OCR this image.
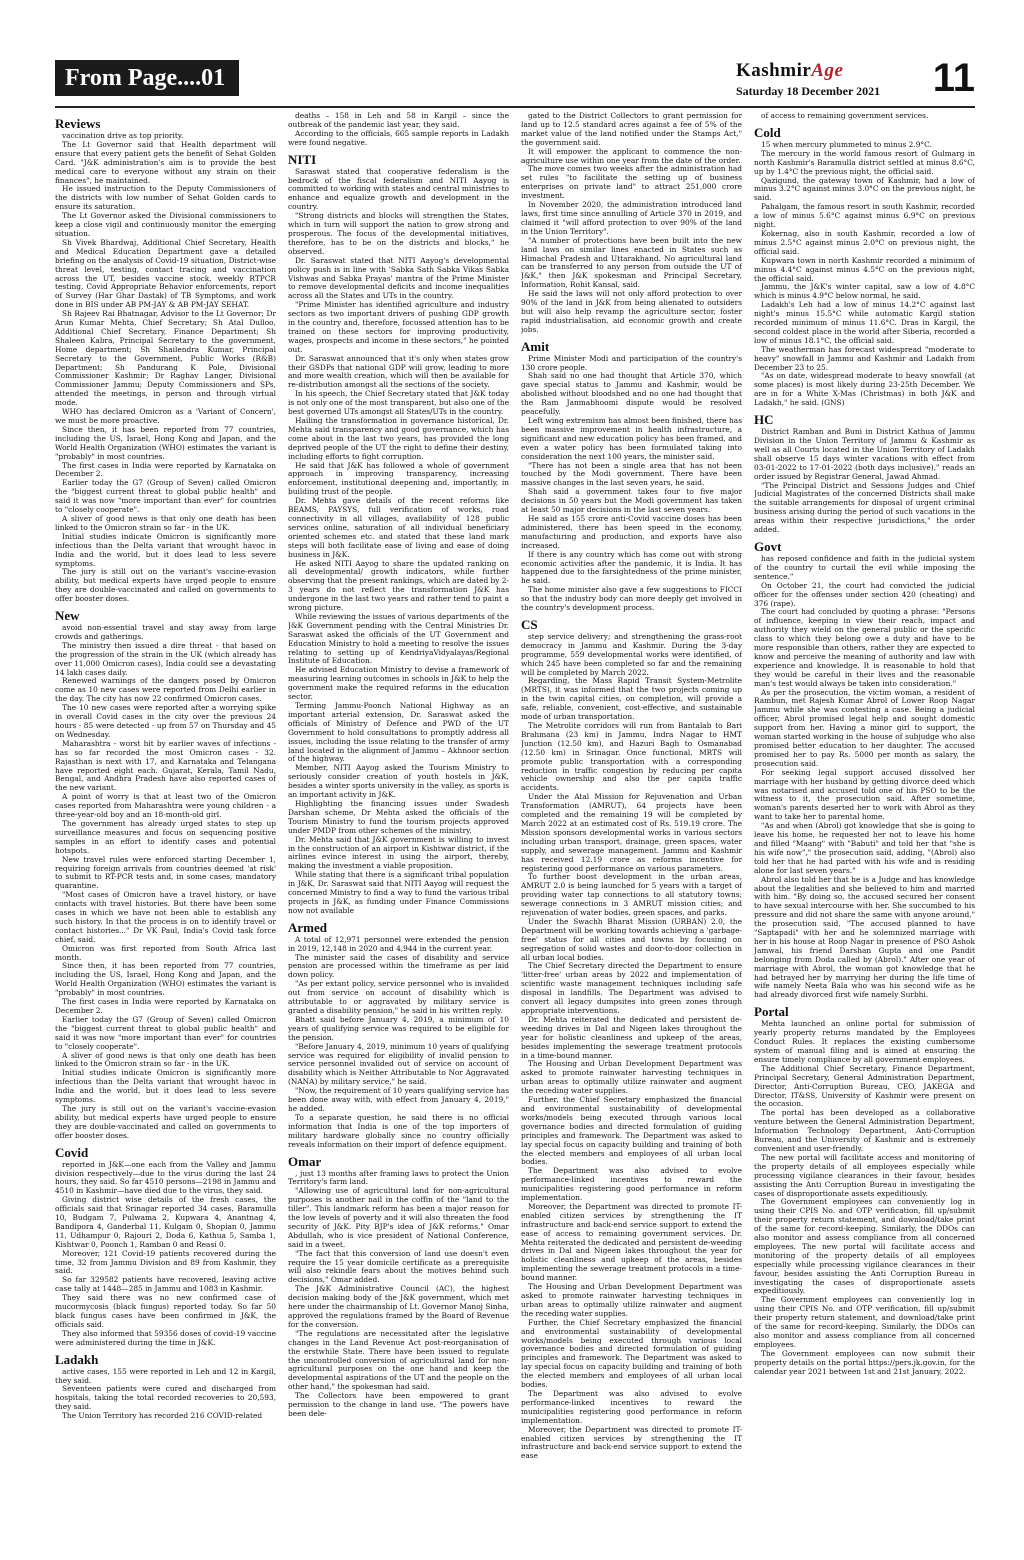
From Page....01	KashmirAge
Saturday 18 December 2021 11
Reviews

vaccination drive as top priority.

The Lt Governor said that Health department will ensure that every patient gets the benefit of Sehat Golden Card. "J&K administration's aim is to provide the best medical care to everyone without any strain on their finances", he maintained.

He issued instruction to the Deputy Commissioners of the districts with low number of Sehat Golden cards to ensure its saturation.

The Lt Governor asked the Divisional commissioners to keep a close vigil and continuously monitor the emerging situation.

Sh Vivek Bhardwaj, Additional Chief Secretary, Health and Medical Education Department gave a detailed briefing on the analysis of Covid-19 situation, District-wise threat level, testing, contact tracing and vaccination across the UT, besides vaccine stock, weekly RTPCR testing, Covid Appropriate Behavior enforcements, report of Survey (Har Ghar Dastak) of TB Symptoms, and work done in BIS under AB PM-JAY & AB PM-JAY SEHAT.

Sh Rajeev Rai Bhatnagar, Advisor to the Lt Governor; Dr Arun Kumar Mehta, Chief Secretary; Sh Atal Dulloo, Additional Chief Secretary, Finance Department; Sh Shaleen Kabra, Principal Secretary to the government, Home department; Sh Shailendra Kumar, Principal Secretary to the Government, Public Works (R&B) Department; Sh Pandurang K Pole, Divisional Commissioner Kashmir; Dr Raghav Langer, Divisional Commissioner Jammu; Deputy Commissioners and SPs, attended the meetings, in person and through virtual mode.

WHO has declared Omicron as a 'Variant of Concern', we must be more proactive.

Since then, it has been reported from 77 countries, including the US, Israel, Hong Kong and Japan, and the World Health Organization (WHO) estimates the variant is "probably" in most countries.

The first cases in India were reported by Karnataka on December 2.

Earlier today the G7 (Group of Seven) called Omicron the "biggest current threat to global public health" and said it was now "more important than ever" for countries to "closely cooperate".

A sliver of good news is that only one death has been linked to the Omicron strain so far - in the UK.

Initial studies indicate Omicron is significantly more infectious than the Delta variant that wrought havoc in India and the world, but it does lead to less severe symptoms.

The jury is still out on the variant's vaccine-evasion ability, but medical experts have urged people to ensure they are double-vaccinated and called on governments to offer booster doses.

New

avoid non-essential travel and stay away from large crowds and gatherings.

The ministry then issued a dire threat - that based on the progression of the strain in the UK (which already has over 11,000 Omicron cases), India could see a devastating 14 lakh cases daily.

Renewed warnings of the dangers posed by Omicron come as 10 new cases were reported from Delhi earlier in the day. The city has now 22 confirmed Omicron cases.

The 10 new cases were reported after a worrying spike in overall Covid cases in the city over the previous 24 hours - 85 were detected - up from 57 on Thursday and 45 on Wednesday.

Maharashtra - worst hit by earlier waves of infections - has so far recorded the most Omicron cases - 32. Rajasthan is next with 17, and Karnataka and Telangana have reported eight each. Gujarat, Kerala, Tamil Nadu, Bengal, and Andhra Pradesh have also reported cases of the new variant.

A point of worry is that at least two of the Omicron cases reported from Maharashtra were young children - a three-year-old boy and an 18-month-old girl.

The government has already urged states to step up surveillance measures and focus on sequencing positive samples in an effort to identify cases and potential hotspots.

New travel rules were enforced starting December 1, requiring foreign arrivals from countries deemed 'at risk' to submit to RT-PCR tests and, in some cases, mandatory quarantine.

"Most cases of Omicron have a travel history, or have contacts with travel histories. But there have been some cases in which we have not been able to establish any such history. In that the process is on to identify travel or contact histories..." Dr VK Paul, India's Covid task force chief, said.

Omicron was first reported from South Africa last month.

Since then, it has been reported from 77 countries, including the US, Israel, Hong Kong and Japan, and the World Health Organization (WHO) estimates the variant is "probably" in most countries.

The first cases in India were reported by Karnataka on December 2.

Earlier today the G7 (Group of Seven) called Omicron the "biggest current threat to global public health" and said it was now "more important than ever" for countries to "closely cooperate".

A sliver of good news is that only one death has been linked to the Omicron strain so far - in the UK.

Initial studies indicate Omicron is significantly more infectious than the Delta variant that wrought havoc in India and the world, but it does lead to less severe symptoms.

The jury is still out on the variant's vaccine-evasion ability, but medical experts have urged people to ensure they are double-vaccinated and called on governments to offer booster doses.

Covid

reported in J&K—one each from the Valley and Jammu division respectively—due to the virus during the last 24 hours, they said. So far 4510 persons—2198 in Jammu and 4510 in Kashmir—have died due to the virus, they said.

Giving district wise details of the fresh cases, the officials said that Srinagar reported 34 cases, Baramulla 10, Budgam 7, Pulwama 2, Kupwara 4, Anantnag 4, Bandipora 4, Ganderbal 11, Kulgam 0, Shopian 0, Jammu 11, Udhampur 0, Rajouri 2, Doda 6, Kathua 5, Samba 1, Kishtwar 0, Poonch 1, Ramban 0 and Reasi 0.

Moreover, 121 Covid-19 patients recovered during the time, 32 from Jammu Division and 89 from Kashmir, they said.

So far 329582 patients have recovered, leaving active case tally at 1448—285 in Jammu and 1083 in Kashmir.

They said there was no new confirmed case of mucormycosis (black fungus) reported today. So far 50 black fungus cases have been confirmed in J&K, the officials said.

They also informed that 59356 doses of covid-19 vaccine were administered during the time in J&K.

Ladakh

active cases, 155 were reported in Leh and 12 in Kargil, they said.

Seventeen patients were cured and discharged from hospitals, taking the total recorded recoveries to 20,593, they said.

The Union Territory has recorded 216 COVID-related

deaths – 158 in Leh and 58 in Kargil – since the outbreak of the pandemic last year, they said.

According to the officials, 665 sample reports in Ladakh were found negative.

NITI

Saraswat stated that cooperative federalism is the bedrock of the fiscal federalism and NITI Aayog is committed to working with states and central ministries to enhance and equalize growth and development in the country.

"Strong districts and blocks will strengthen the States, which in turn will support the nation to grow strong and prosperous. The focus of the developmental initiatives, therefore, has to be on the districts and blocks," he observed.

Dr. Saraswat stated that NITI Aayog's developmental policy push is in line with 'Sabka Sath Sabka Vikas Sabka Vishwas and Sabka Prayas' mantra of the Prime Minister to remove developmental deficits and income inequalities across all the States and UTs in the country.

"Prime Minister has identified agriculture and industry sectors as two important drivers of pushing GDP growth in the country and, therefore, focussed attention has to be trained on these sectors for improving productivity, wages, prospects and income in these sectors," he pointed out.

Dr. Saraswat announced that it's only when states grow their GSDPs that national GDP will grow, leading to more and more wealth creation, which will then be available for re-distribution amongst all the sections of the society.

In his speech, the Chief Secretary stated that J&K today is not only one of the most transparent, but also one of the best governed UTs amongst all States/UTs in the country.

Hailing the transformation in governance historical, Dr. Mehta said transparency and good governance, which has come about in the last two years, has provided the long deprived people of the UT the right to define their destiny, including efforts to fight corruption.

He said that J&K has followed a whole of government approach in improving transparency, increasing enforcement, institutional deepening and, importantly, in building trust of the people.

Dr. Mehta gave details of the recent reforms like BEAMS, PAYSYS, full verification of works, road connectivity in all villages, availability of 128 public services online, saturation of all individual beneficiary oriented schemes etc. and stated that these land mark steps will both facilitate ease of living and ease of doing business in J&K.

He asked NITI Aayog to share the updated ranking on all developmental/ growth indicators, while further observing that the present rankings, which are dated by 2-3 years do not reflect the transformation J&K has undergone in the last two years and rather tend to paint a wrong picture.

While reviewing the issues of various departments of the J&K Government pending with the Central Ministries Dr. Saraswat asked the officials of the UT Government and Education Ministry to hold a meeting to resolve the issues relating to setting up of KendriyaVidyalayas/Regional Institute of Education.

He advised Education Ministry to devise a framework of measuring learning outcomes in schools in J&K to help the government make the required reforms in the education sector.

Terming Jammu-Poonch National Highway as an important arterial extension, Dr. Saraswat asked the officials of Ministry of Defence and PWD of the UT Government to hold consultations to promptly address all issues, including the issue relating to the transfer of army land located in the alignment of Jammu – Akhnoor section of the highway.

Member, NITI Aayog asked the Tourism Ministry to seriously consider creation of youth hostels in J&K, besides a winter sports university in the valley, as sports is an important activity in J&K.

Highlighting the financing issues under Swadesh Darshan scheme, Dr Mehta asked the officials of the Tourism Ministry to fund the tourism projects approved under PMDP from other schemes of the ministry.

Dr. Mehta said that J&K government is willing to invest in the construction of an airport in Kishtwar district, if the airlines evince interest in using the airport, thereby, making the investment a viable proposition.

While stating that there is a significant tribal population in J&K, Dr. Saraswat said that NITI Aayog will request the concerned Ministry to find a way to fund the various tribal projects in J&K, as funding under Finance Commissions now not available

Armed

A total of 12,971 personnel were extended the pension in 2019, 12,148 in 2020 and 4,944 in the current year.

The minister said the cases of disability and service pension are processed within the timeframe as per laid down policy.

"As per extant policy, service personnel who is invalided out from service on account of disability which is attributable to or aggravated by military service is granted a disability pension," he said in his written reply.

Bhatt said before January 4, 2019, a minimum of 10 years of qualifying service was required to be eligible for the pension.

"Before January 4, 2019, minimum 10 years of qualifying service was required for eligibility of invalid pension to service personnel invalided out of service on account of disability which is Neither Attributable to Nor Aggravated (NANA) by military service," he said.

"Now, the requirement of 10 years qualifying service has been done away with, with effect from January 4, 2019," he added.

To a separate question, he said there is no official information that India is one of the top importers of military hardware globally since no country officially reveals information on their import of defence equipment.

Omar

, just 13 months after framing laws to protect the Union Territory's farm land.

"Allowing use of agricultural land for non-agricultural purposes is another nail in the coffin of the "land to the tiller". This landmark reform has been a major reason for the low levels of poverty and it will also threaten the food security of J&K. Pity BJP's idea of J&K reforms," Omar Abdullah, who is vice president of National Conference, said in a tweet.

"The fact that this conversion of land use doesn't even require the 15 year domicile certificate as a prerequisite will also rekindle fears about the motives behind such decisions," Omar added.

The J&K Administrative Council (AC), the highest decision making body of the J&K government, which met here under the chairmanship of Lt. Governor Manoj Sinha, approved the regulations framed by the Board of Revenue for the conversion.

"The regulations are necessitated after the legislative changes in the Land Revenue Act post-reorganisation of the erstwhile State. There have been issued to regulate the uncontrolled conversion of agricultural land for non-agricultural purposes on the one hand and keep the developmental aspirations of the UT and the people on the other hand," the spokesman had said.

The Collectors have been empowered to grant permission to the change in land use. "The powers have been dele-

gated to the District Collectors to grant permission for land up to 12.5 standard acres against a fee of 5% of the market value of the land notified under the Stamps Act," the government said.

It will empower the applicant to commence the non-agriculture use within one year from the date of the order.

The move comes two weeks after the administration had set rules "to facilitate the setting up of business enterprises on private land" to attract 251,000 crore investment.

In November 2020, the administration introduced land laws, first time since annulling of Article 370 in 2019, and claimed it "will afford protection to over 90% of the land in the Union Territory".

"A number of protections have been built into the new land laws on similar lines enacted in States such as Himachal Pradesh and Uttarakhand. No agricultural land can be transferred to any person from outside the UT of J&K," then J&K spokesman and Principal Secretary, Information, Rohit Kansal, said.

He said the laws will not only afford protection to over 90% of the land in J&K from being alienated to outsiders but will also help revamp the agriculture sector, foster rapid industrialisation, aid economic growth and create jobs.

Amit

Prime Minister Modi and participation of the country's 130 crore people.

Shah said no one had thought that Article 370, which gave special status to Jammu and Kashmir, would be abolished without bloodshed and no one had thought that the Ram Janmabhoomi dispute would be resolved peacefully.

Left wing extremism has almost been finished, there has been massive improvement in health infrastructure, a significant and new education policy has been framed, and even a water policy has been formulated taking into consideration the next 100 years, the minister said.

"There has not been a single area that has not been touched by the Modi government. There have been massive changes in the last seven years, he said.

Shah said a government takes four to five major decisions in 50 years but the Modi government has taken at least 50 major decisions in the last seven years.

He said as 155 crore anti-Covid vaccine doses has been administered, there has been speed in the economy, manufacturing and production, and exports have also increased.

If there is any country which has come out with strong economic activities after the pandemic, it is India. It has happened due to the farsightedness of the prime minister, he said.

The home minister also gave a few suggestions to FICCI so that the industry body can more deeply get involved in the country's development process.

CS

step service delivery; and strengthening the grass-root democracy in Jammu and Kashmir. During the 3-day programme, 559 developmental works were identified, of which 245 have been completed so far and the remaining will be completed by March 2022.

Regarding, the Mass Rapid Transit System-Metrolite (MRTS), it was informed that the two projects coming up in the twin capital cities, on completion, will provide a safe, reliable, convenient, cost-effective, and sustainable mode of urban transportation.

The Metrolite corridors will run from Bantalab to Bari Brahmana (23 km) in Jammu, Indra Nagar to HMT Junction (12.50 km), and Hazuri Bagh to Osmanabad (12.50 km) in Srinagar. Once functional, MRTS will promote public transportation with a corresponding reduction in traffic congestion by reducing per capita vehicle ownership and also the per capita traffic accidents.

Under the Atal Mission for Rejuvenation and Urban Transformation (AMRUT), 64 projects have been completed and the remaining 19 will be completed by March 2022 at an estimated cost of Rs. 519.19 crore. The Mission sponsors developmental works in various sectors including urban transport, drainage, green spaces, water supply, and sewerage management. Jammu and Kashmir has received 12.19 crore as reforms incentive for registering good performance on various parameters.

To further boost development in the urban areas, AMRUT 2.0 is being launched for 5 years with a target of providing water tap connections to all statutory towns; sewerage connections in 3 AMRUT mission cities; and rejuvenation of water bodies, green spaces, and parks.

Under the Swachh Bharat Mission (URBAN) 2.0, the Department will be working towards achieving a 'garbage-free' status for all cities and towns by focusing on segregation of solid wastes and door-to-door collection in all urban local bodies.

The Chief Secretary directed the Department to ensure 'litter-free' urban areas by 2022 and implementation of scientific waste management techniques including safe disposal in landfills. The Department was advised to convert all legacy dumpsites into green zones through appropriate interventions.

Dr. Mehta reiterated the dedicated and persistent de-weeding drives in Dal and Nigeen lakes throughout the year for holistic cleanliness and upkeep of the areas, besides implementing the sewerage treatment protocols in a time-bound manner.

The Housing and Urban Development Department was asked to promote rainwater harvesting techniques in urban areas to optimally utilize rainwater and augment the receding water supplies.

Further, the Chief Secretary emphasized the financial and environmental sustainability of developmental works/models being executed through various local governance bodies and directed formulation of guiding principles and framework. The Department was asked to lay special focus on capacity building and training of both the elected members and employees of all urban local bodies.

The Department was also advised to evolve performance-linked incentives to reward the municipalities registering good performance in reform implementation.

Moreover, the Department was directed to promote IT-enabled citizen services by strengthening the IT infrastructure and back-end service support to extend the ease of access to remaining government services. Dr. Mehta reiterated the dedicated and persistent de-weeding drives in Dal and Nigeen lakes throughout the year for holistic cleanliness and upkeep of the areas, besides implementing the sewerage treatment protocols in a time-bound manner.

The Housing and Urban Development Department was asked to promote rainwater harvesting techniques in urban areas to optimally utilize rainwater and augment the receding water supplies.

Further, the Chief Secretary emphasized the financial and environmental sustainability of developmental works/models being executed through various local governance bodies and directed formulation of guiding principles and framework. The Department was asked to lay special focus on capacity building and training of both the elected members and employees of all urban local bodies.

The Department was also advised to evolve performance-linked incentives to reward the municipalities registering good performance in reform implementation.

Moreover, the Department was directed to promote IT-enabled citizen services by strengthening the IT infrastructure and back-end service support to extend the ease

of access to remaining government services.

Cold

15 when mercury plummeted to minus 2.9°C.

The mercury in the world famous resort of Gulmarg in north Kashmir's Baramulla district settled at minus 8.6°C, up by 1.4°C the previous night, the official said.

Qazigund, the gateway town of Kashmir, had a low of minus 3.2°C against minus 3.0°C on the previous night, he said.

Pahalgam, the famous resort in south Kashmir, recorded a low of minus 5.6°C against minus 6.9°C on previous night.

Kokernag, also in south Kashmir, recorded a low of minus 2.5°C against minus 2.0°C on previous night, the official said.

Kupwara town in north Kashmir recorded a minimum of minus 4.4°C against minus 4.5°C on the previous night, the official said.

Jammu, the J&K's winter capital, saw a low of 4.8°C which is minus 4.9°C below normal, he said.

Ladakh's Leh had a low of minus 14.2°C against last night's minus 15.5°C while automatic Kargil station recorded minimum of minus 11.6°C. Dras in Kargil, the second coldest place in the world after Siberia, recorded a low of minus 18.1°C, the official said.

The weatherman has forecast widespread "moderate to heavy" snowfall in Jammu and Kashmir and Ladakh from December 23 to 25.

"As on date, widespread moderate to heavy snowfall (at some places) is most likely during 23-25th December. We are in for a White X-Mas (Christmas) in both J&K and Ladakh," he said. (GNS)

HC

District Ramban and Buni in District Kathua of Jammu Division in the Union Territory of Jammu & Kashmir as well as all Courts located in the Union Territory of Ladakh shall observe 15 days winter vacations with effect from 03-01-2022 to 17-01-2022 (both days inclusive)," reads an order issued by Registrar General, Jawad Ahmad.

"The Principal District and Sessions Judges and Chief Judicial Magistrates of the concerned Districts shall make the suitable arrangements for disposal of urgent criminal business arising during the period of such vacations in the areas within their respective jurisdictions," the order added.

Govt

has reposed confidence and faith in the judicial system of the country to curtail the evil while imposing the sentence."

On October 21, the court had convicted the judicial officer for the offenses under section 420 (cheating) and 376 (rape).

The court had concluded by quoting a phrase: "Persons of influence, keeping in view their reach, impact and authority they wield on the general public or the specific class to which they belong owe a duty and have to be more responsible than others, rather they are expected to know and perceive the meaning of authority and law with experience and knowledge. It is reasonable to hold that they would be careful in their lives and the reasonable man's test would always be taken into consideration."

As per the prosecution, the victim woman, a resident of Rambun, met Rajesh Kumar Abrol of Lower Roop Nagar Jammu while she was contesting a case. Being a judicial officer, Abrol promised legal help and sought domestic support from her. Having a minor girl to support, the woman started working in the house of subjudge who also promised better education to her daughter. The accused promised her to pay Rs. 5000 per month as salary, the prosecution said.

For seeking legal support accused dissolved her marriage with her husband by getting divorce deed which was notarised and accused told one of his PSO to be the witness to it, the prosecution said. After sometime, woman's parents deserted her to work with Abrol as they want to take her to parental home.

"As and when (Abrol) got knowledge that she is going to leave his home, he requested her not to leave his home and filled "Maang" with "Babuti" and told her that "she is his wife now"," the prosecution said, adding, "(Abrol) also told her that he had parted with his wife and is residing alone for last seven years."

Abrol also told her that he is a Judge and has knowledge about the legalities and she believed to him and married with him. "By doing so, the accused secured her consent to have sexual intercourse with her. She succumbed to his pressure and did not share the same with anyone around," the prosecution said, "The accused planned to have "Saptapadi" with her and he solemnized marriage with her in his house at Roop Nagar in presence of PSO Ashok Jamwal, his friend Darshan Gupta and one Pandit belonging from Doda called by (Abrol)." After one year of marriage with Abrol, the woman got knowledge that he had betrayed her by marrying her during the life time of wife namely Neeta Bala who was his second wife as he had already divorced first wife namely Surbhi.

Portal

Mehta launched an online portal for submission of yearly property returns mandated by the Employees Conduct Rules. It replaces the existing cumbersome system of manual filing and is aimed at ensuring the ensure timely compliance by all government employees.

The Additional Chief Secretary, Finance Department, Principal Secretary, General Administration Department, Director, Anti-Corruption Bureau, CEO, JAKEGA and Director, IT&SS, University of Kashmir were present on the occasion.

The portal has been developed as a collaborative venture between the General Administration Department, Information Technology Department, Anti-Corruption Bureau, and the University of Kashmir and is extremely convenient and user-friendly.

The new portal will facilitate access and monitoring of the property details of all employees especially while processing vigilance clearances in their favour, besides assisting the Anti Corruption Bureau in investigating the cases of disproportionate assets expeditiously.

The Government employees can conveniently log in using their CPIS No. and OTP verification, fill up/submit their property return statement, and download/take print of the same for record-keeping. Similarly, the DDOs can also monitor and assess compliance from all concerned employees. The new portal will facilitate access and monitoring of the property details of all employees especially while processing vigilance clearances in their favour, besides assisting the Anti Corruption Bureau in investigating the cases of disproportionate assets expeditiously.

The Government employees can conveniently log in using their CPIS No. and OTP verification, fill up/submit their property return statement, and download/take print of the same for record-keeping. Similarly, the DDOs can also monitor and assess compliance from all concerned employees.

The Government employees can now submit their property details on the portal https://pers.jk.gov.in, for the calendar year 2021 between 1st and 21st January, 2022.
